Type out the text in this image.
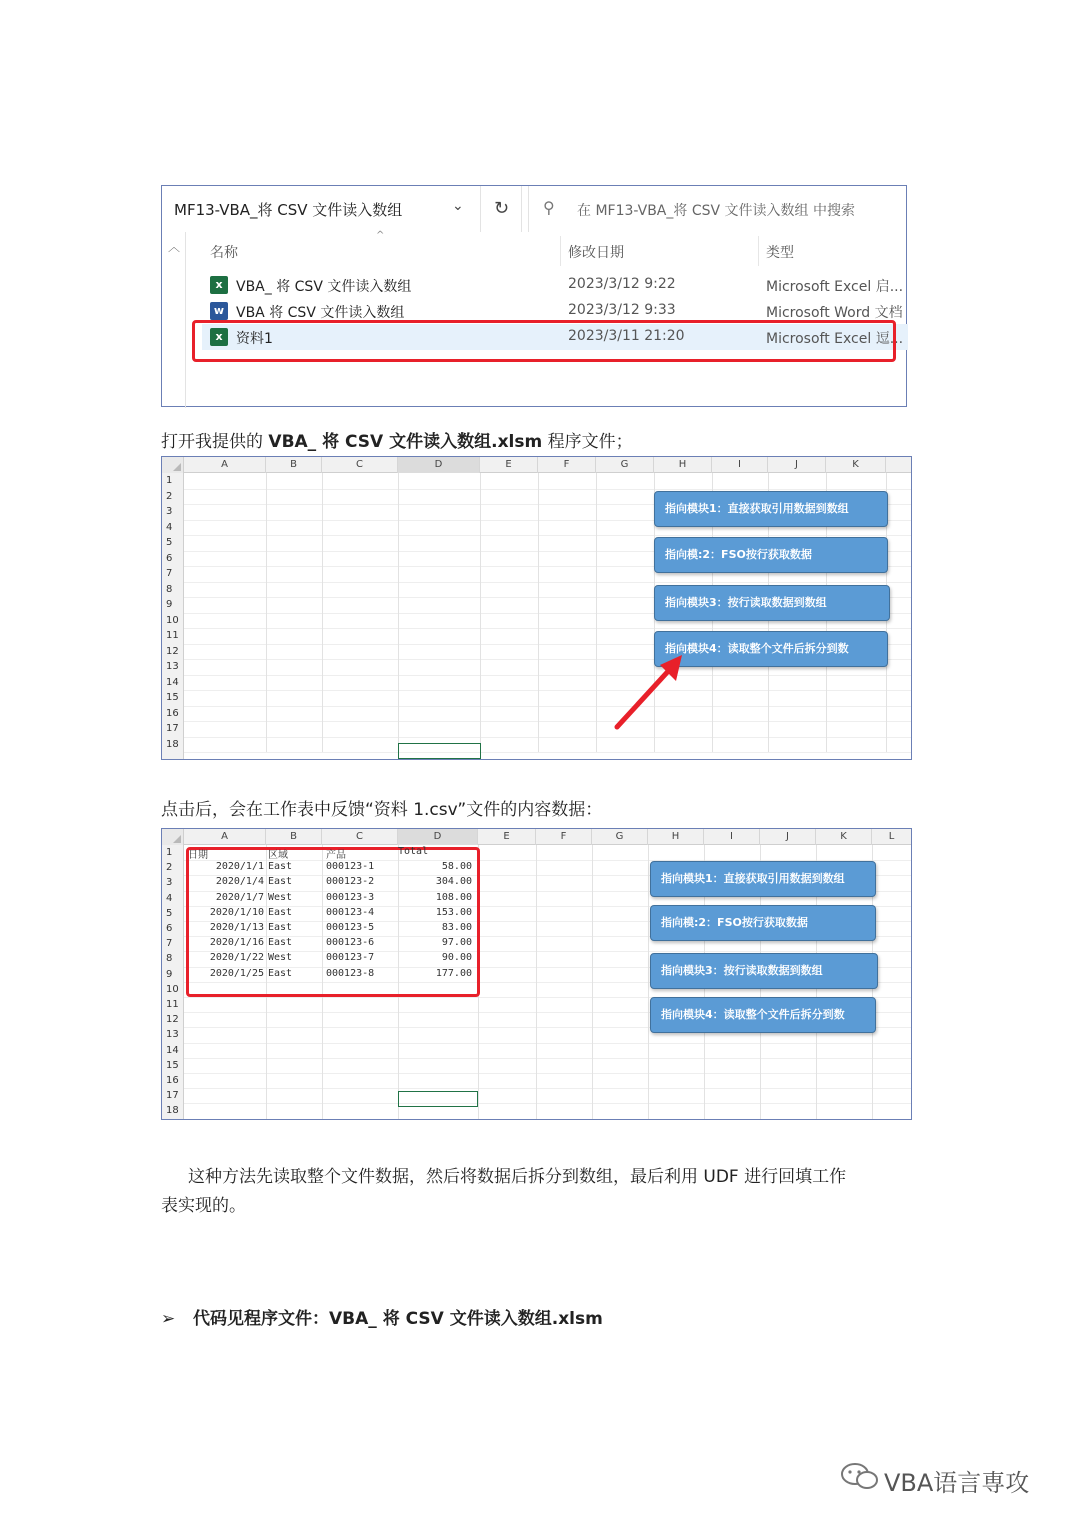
MF13-VBA_将 CSV 文件读入数组	⌄	↻	⚲ 在 MF13-VBA_将 CSV 文件读入数组 中搜索
︿
^
名称	修改日期	类型
x VBA_ 将 CSV 文件读入数组	2023/3/12 9:22	Microsoft Excel 启...
w VBA 将 CSV 文件读入数组	2023/3/12 9:33	Microsoft Word 文档
x 资料1	2023/3/11 21:20	Microsoft Excel 逗...
打开我提供的 VBA_ 将 CSV 文件读入数组.xlsm 程序文件；
A	B	C	D	E	F	G	H	I	J	K
1
2
3
4
5
6
7
8
9
10
11
12
13
14
15
16
17
18
指向模块1：直接获取引用数据到数组
指向模:2：FSO按行获取数据
指向模块3：按行读取数据到数组
指向模块4：读取整个文件后拆分到数
点击后，会在工作表中反馈“资料 1.csv”文件的内容数据：
A	B	C	D	E	F	G	H	I	J	K	L
1
2
3
4
5
6
7
8
9
10
11
12
13
14
15
16
17
18
指向模块1：直接获取引用数据到数组
指向模:2：FSO按行获取数据
指向模块3：按行读取数据到数组
指向模块4：读取整个文件后拆分到数
日期	区域	产品	Total
2020/1/1 East	000123-1	58.00
2020/1/4 East	000123-2	304.00
2020/1/7 West	000123-3	108.00
2020/1/10 East	000123-4	153.00
2020/1/13 East	000123-5	83.00
2020/1/16 East	000123-6	97.00
2020/1/22 West	000123-7	90.00
2020/1/25 East	000123-8	177.00
这种方法先读取整个文件数据，然后将数据后拆分到数组，最后利用 UDF 进行回填工作
表实现的。
➢ 代码见程序文件：VBA_ 将 CSV 文件读入数组.xlsm
VBA语言専攻
